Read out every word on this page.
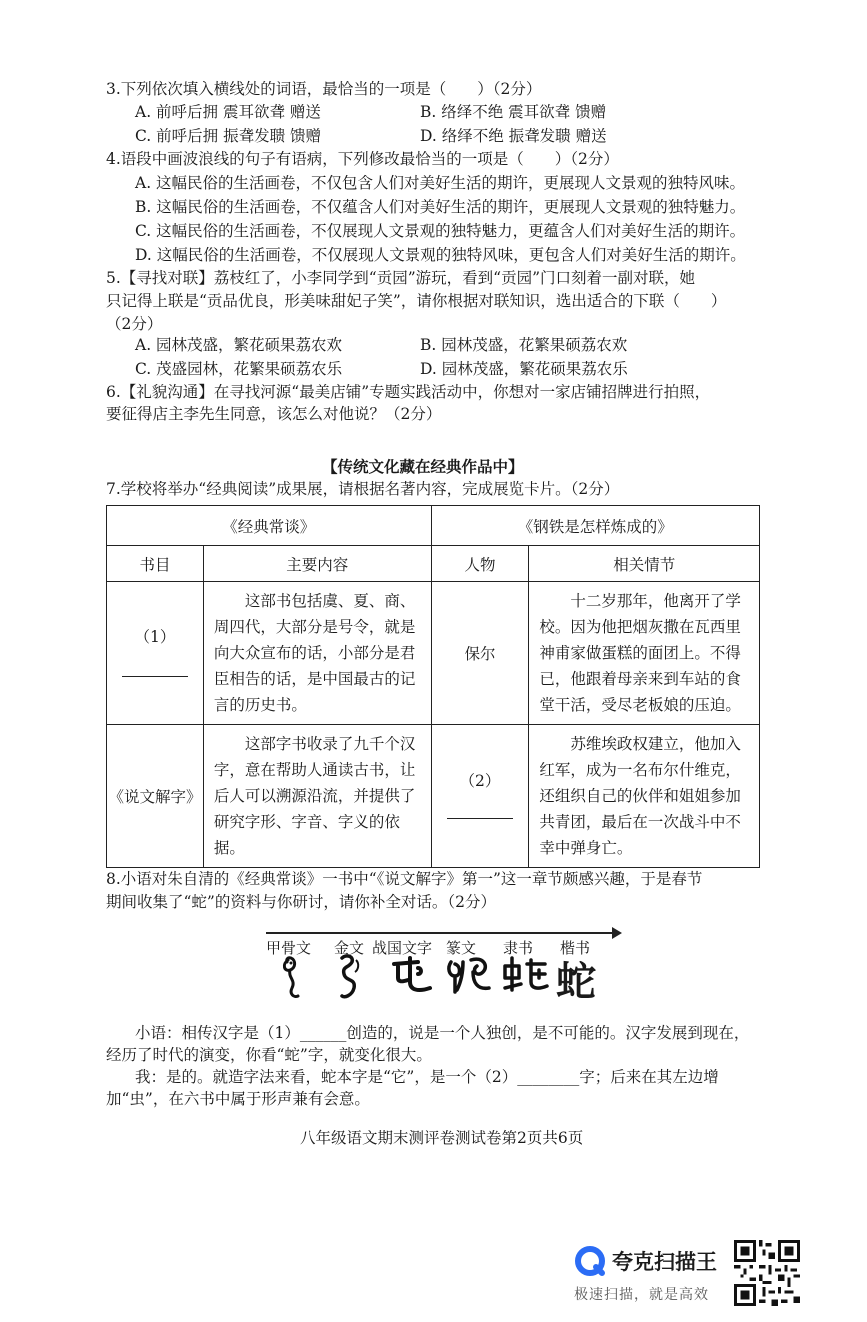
3.下列依次填入横线处的词语，最恰当的一项是（　　）（2分）
A. 前呼后拥 震耳欲聋 赠送	B. 络绎不绝 震耳欲聋 馈赠
C. 前呼后拥 振聋发聩 馈赠	D. 络绎不绝 振聋发聩 赠送
4.语段中画波浪线的句子有语病，下列修改最恰当的一项是（　　）（2分）
A. 这幅民俗的生活画卷，不仅包含人们对美好生活的期许，更展现人文景观的独特风味。
B. 这幅民俗的生活画卷，不仅蕴含人们对美好生活的期许，更展现人文景观的独特魅力。
C. 这幅民俗的生活画卷，不仅展现人文景观的独特魅力，更蕴含人们对美好生活的期许。
D. 这幅民俗的生活画卷，不仅展现人文景观的独特风味，更包含人们对美好生活的期许。
5.【寻找对联】荔枝红了，小李同学到“贡园”游玩，看到“贡园”门口刻着一副对联，她
只记得上联是“贡品优良，形美味甜妃子笑”，请你根据对联知识，选出适合的下联（　　）
（2分）
A. 园林茂盛，繁花硕果荔农欢	B. 园林茂盛，花繁果硕荔农欢
C. 茂盛园林，花繁果硕荔农乐	D. 园林茂盛，繁花硕果荔农乐
6.【礼貌沟通】在寻找河源“最美店铺”专题实践活动中，你想对一家店铺招牌进行拍照，
要征得店主李先生同意，该怎么对他说？（2分）
【传统文化藏在经典作品中】
7.学校将举办“经典阅读”成果展，请根据名著内容，完成展览卡片。（2分）
《经典常谈》		《钢铁是怎样炼成的》	
书目	主要内容	人物	相关情节

（1）	这部书包括虞、夏、商、周四代，大部分是号令，就是向大众宣布的话，小部分是君臣相告的话，是中国最古的记言的历史书。	保尔	十二岁那年，他离开了学校。因为他把烟灰撒在瓦西里神甫家做蛋糕的面团上。不得已，他跟着母亲来到车站的食堂干活，受尽老板娘的压迫。
《说文解字》	这部字书收录了九千个汉字，意在帮助人通读古书，让后人可以溯源沿流，并提供了研究字形、字音、字义的依据。	（2）	苏维埃政权建立，他加入红军，成为一名布尔什维克，还组织自己的伙伴和姐姐参加共青团，最后在一次战斗中不幸中弹身亡。
8.小语对朱自清的《经典常谈》一书中“《说文解字》第一”这一章节颇感兴趣，于是春节
期间收集了“蛇”的资料与你研讨，请你补全对话。（2分）
甲骨文 金文 战国文字 篆文 隶书 楷书
蛇
小语：相传汉字是（1）______创造的，说是一个人独创，是不可能的。汉字发展到现在，
经历了时代的演变，你看“蛇”字，就变化很大。
我：是的。就造字法来看，蛇本字是“它”，是一个（2）________字；后来在其左边增
加“虫”，在六书中属于形声兼有会意。
八年级语文期末测评卷测试卷第2页共6页
夸克扫描王
极速扫描，就是高效
